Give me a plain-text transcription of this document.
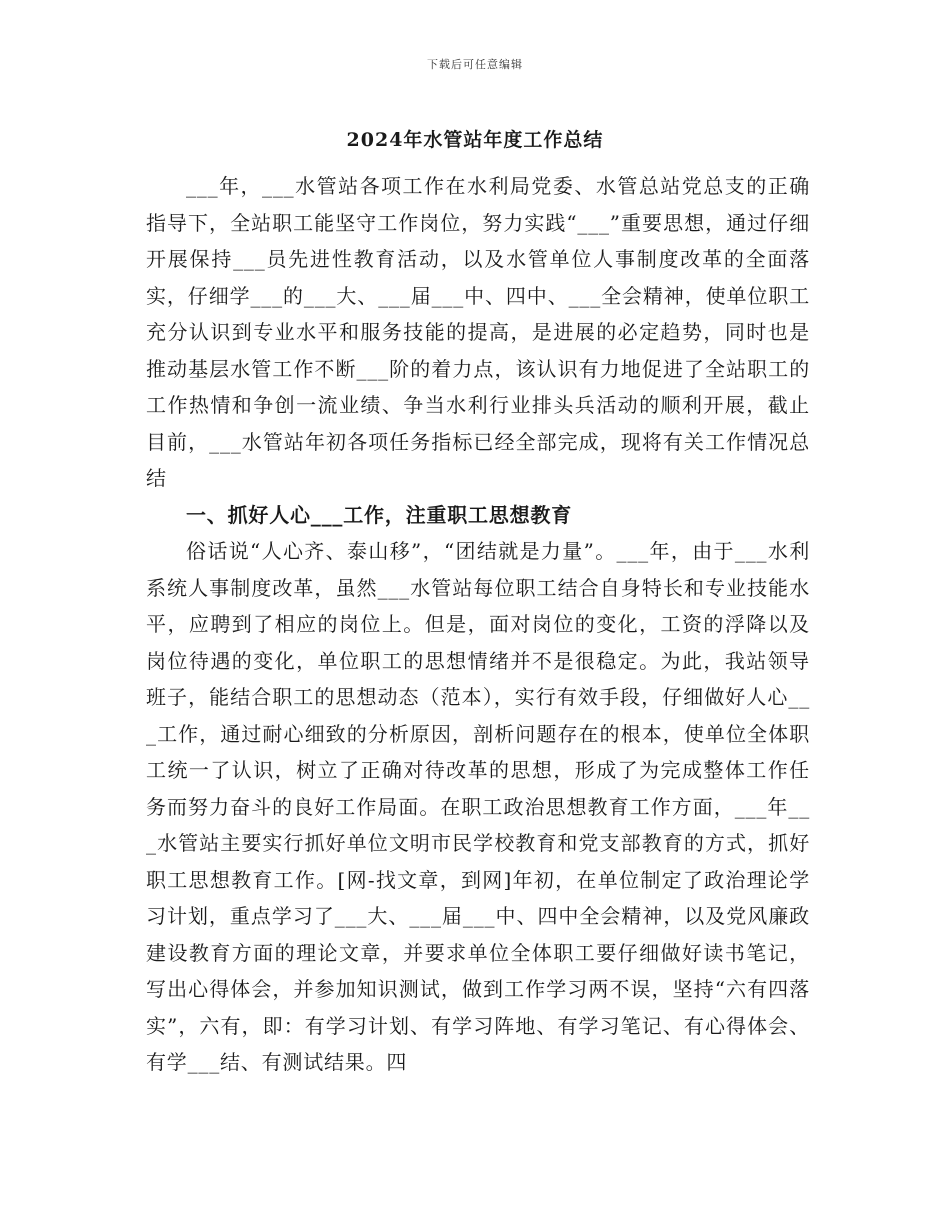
下载后可任意编辑
2024年水管站年度工作总结

___年，___水管站各项工作在水利局党委、水管总站党总支的正确指导下，全站职工能坚守工作岗位，努力实践“___”重要思想，通过仔细开展保持___员先进性教育活动，以及水管单位人事制度改革的全面落实，仔细学___的___大、___届___中、四中、___全会精神，使单位职工充分认识到专业水平和服务技能的提高，是进展的必定趋势，同时也是推动基层水管工作不断___阶的着力点，该认识有力地促进了全站职工的工作热情和争创一流业绩、争当水利行业排头兵活动的顺利开展，截止目前，___水管站年初各项任务指标已经全部完成，现将有关工作情况总结

一、抓好人心___工作，注重职工思想教育

俗话说“人心齐、泰山移”，“团结就是力量”。___年，由于___水利系统人事制度改革，虽然___水管站每位职工结合自身特长和专业技能水平，应聘到了相应的岗位上。但是，面对岗位的变化，工资的浮降以及岗位待遇的变化，单位职工的思想情绪并不是很稳定。为此，我站领导班子，能结合职工的思想动态（范本），实行有效手段，仔细做好人心___工作，通过耐心细致的分析原因，剖析问题存在的根本，使单位全体职工统一了认识，树立了正确对待改革的思想，形成了为完成整体工作任务而努力奋斗的良好工作局面。在职工政治思想教育工作方面，___年___水管站主要实行抓好单位文明市民学校教育和党支部教育的方式，抓好职工思想教育工作。[网-找文章，到网]年初，在单位制定了政治理论学习计划，重点学习了___大、___届___中、四中全会精神，以及党风廉政建设教育方面的理论文章，并要求单位全体职工要仔细做好读书笔记，写出心得体会，并参加知识测试，做到工作学习两不误，坚持“六有四落实”，六有，即：有学习计划、有学习阵地、有学习笔记、有心得体会、有学___结、有测试结果。四
